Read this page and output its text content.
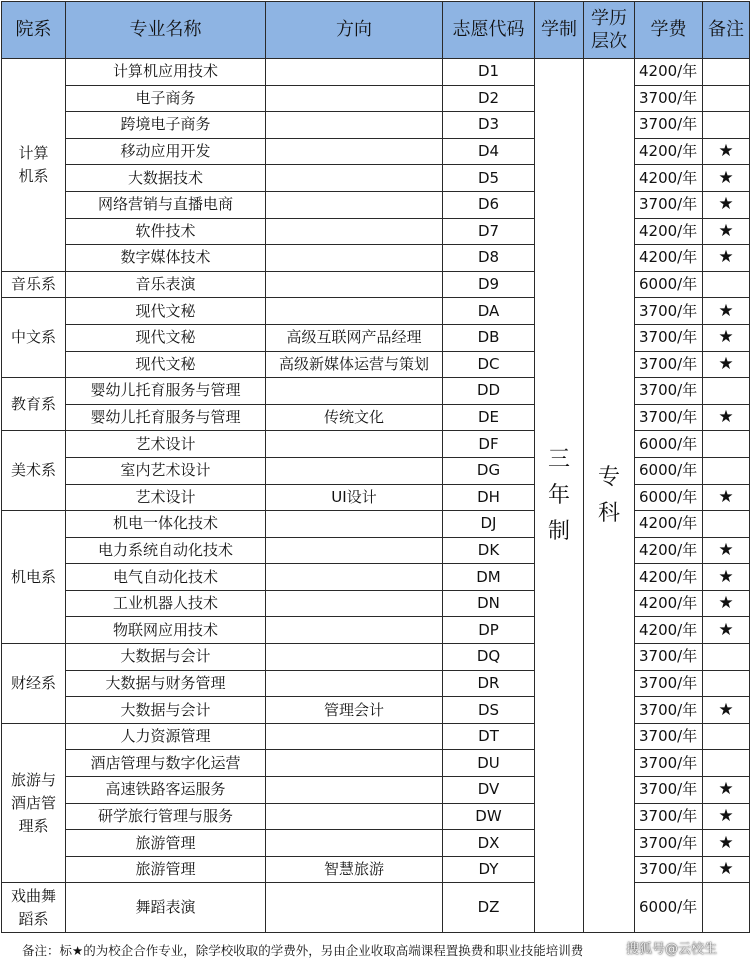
院系	专业名称	方向	志愿代码	学制	学历层次	学费	备注
计算机系	计算机应用技术		D1	三年制	专科	4200/年	
	电子商务		D2			3700/年	
	跨境电子商务		D3			3700/年	
	移动应用开发		D4			4200/年	★
	大数据技术		D5			4200/年	★
	网络营销与直播电商		D6			3700/年	★
	软件技术		D7			4200/年	★
	数字媒体技术		D8			4200/年	★
音乐系	音乐表演		D9			6000/年	
中文系	现代文秘		DA			3700/年	★
	现代文秘	高级互联网产品经理	DB			3700/年	★
	现代文秘	高级新媒体运营与策划	DC			3700/年	★
教育系	婴幼儿托育服务与管理		DD			3700/年	
	婴幼儿托育服务与管理	传统文化	DE			3700/年	★
美术系	艺术设计		DF			6000/年	
	室内艺术设计		DG			6000/年	
	艺术设计	UI设计	DH			6000/年	★
机电系	机电一体化技术		DJ			4200/年	
	电力系统自动化技术		DK			4200/年	★
	电气自动化技术		DM			4200/年	★
	工业机器人技术		DN			4200/年	★
	物联网应用技术		DP			4200/年	★
财经系	大数据与会计		DQ			3700/年	
	大数据与财务管理		DR			3700/年	
	大数据与会计	管理会计	DS			3700/年	★
旅游与酒店管理系	人力资源管理		DT			3700/年	
	酒店管理与数字化运营		DU			3700/年	
	高速铁路客运服务		DV			3700/年	★
	研学旅行管理与服务		DW			3700/年	★
	旅游管理		DX			3700/年	★
	旅游管理	智慧旅游	DY			3700/年	★
戏曲舞蹈系	舞蹈表演		DZ			6000/年	
备注：标★的为校企合作专业，除学校收取的学费外，另由企业收取高端课程置换费和职业技能培训费	搜狐号@云校生
